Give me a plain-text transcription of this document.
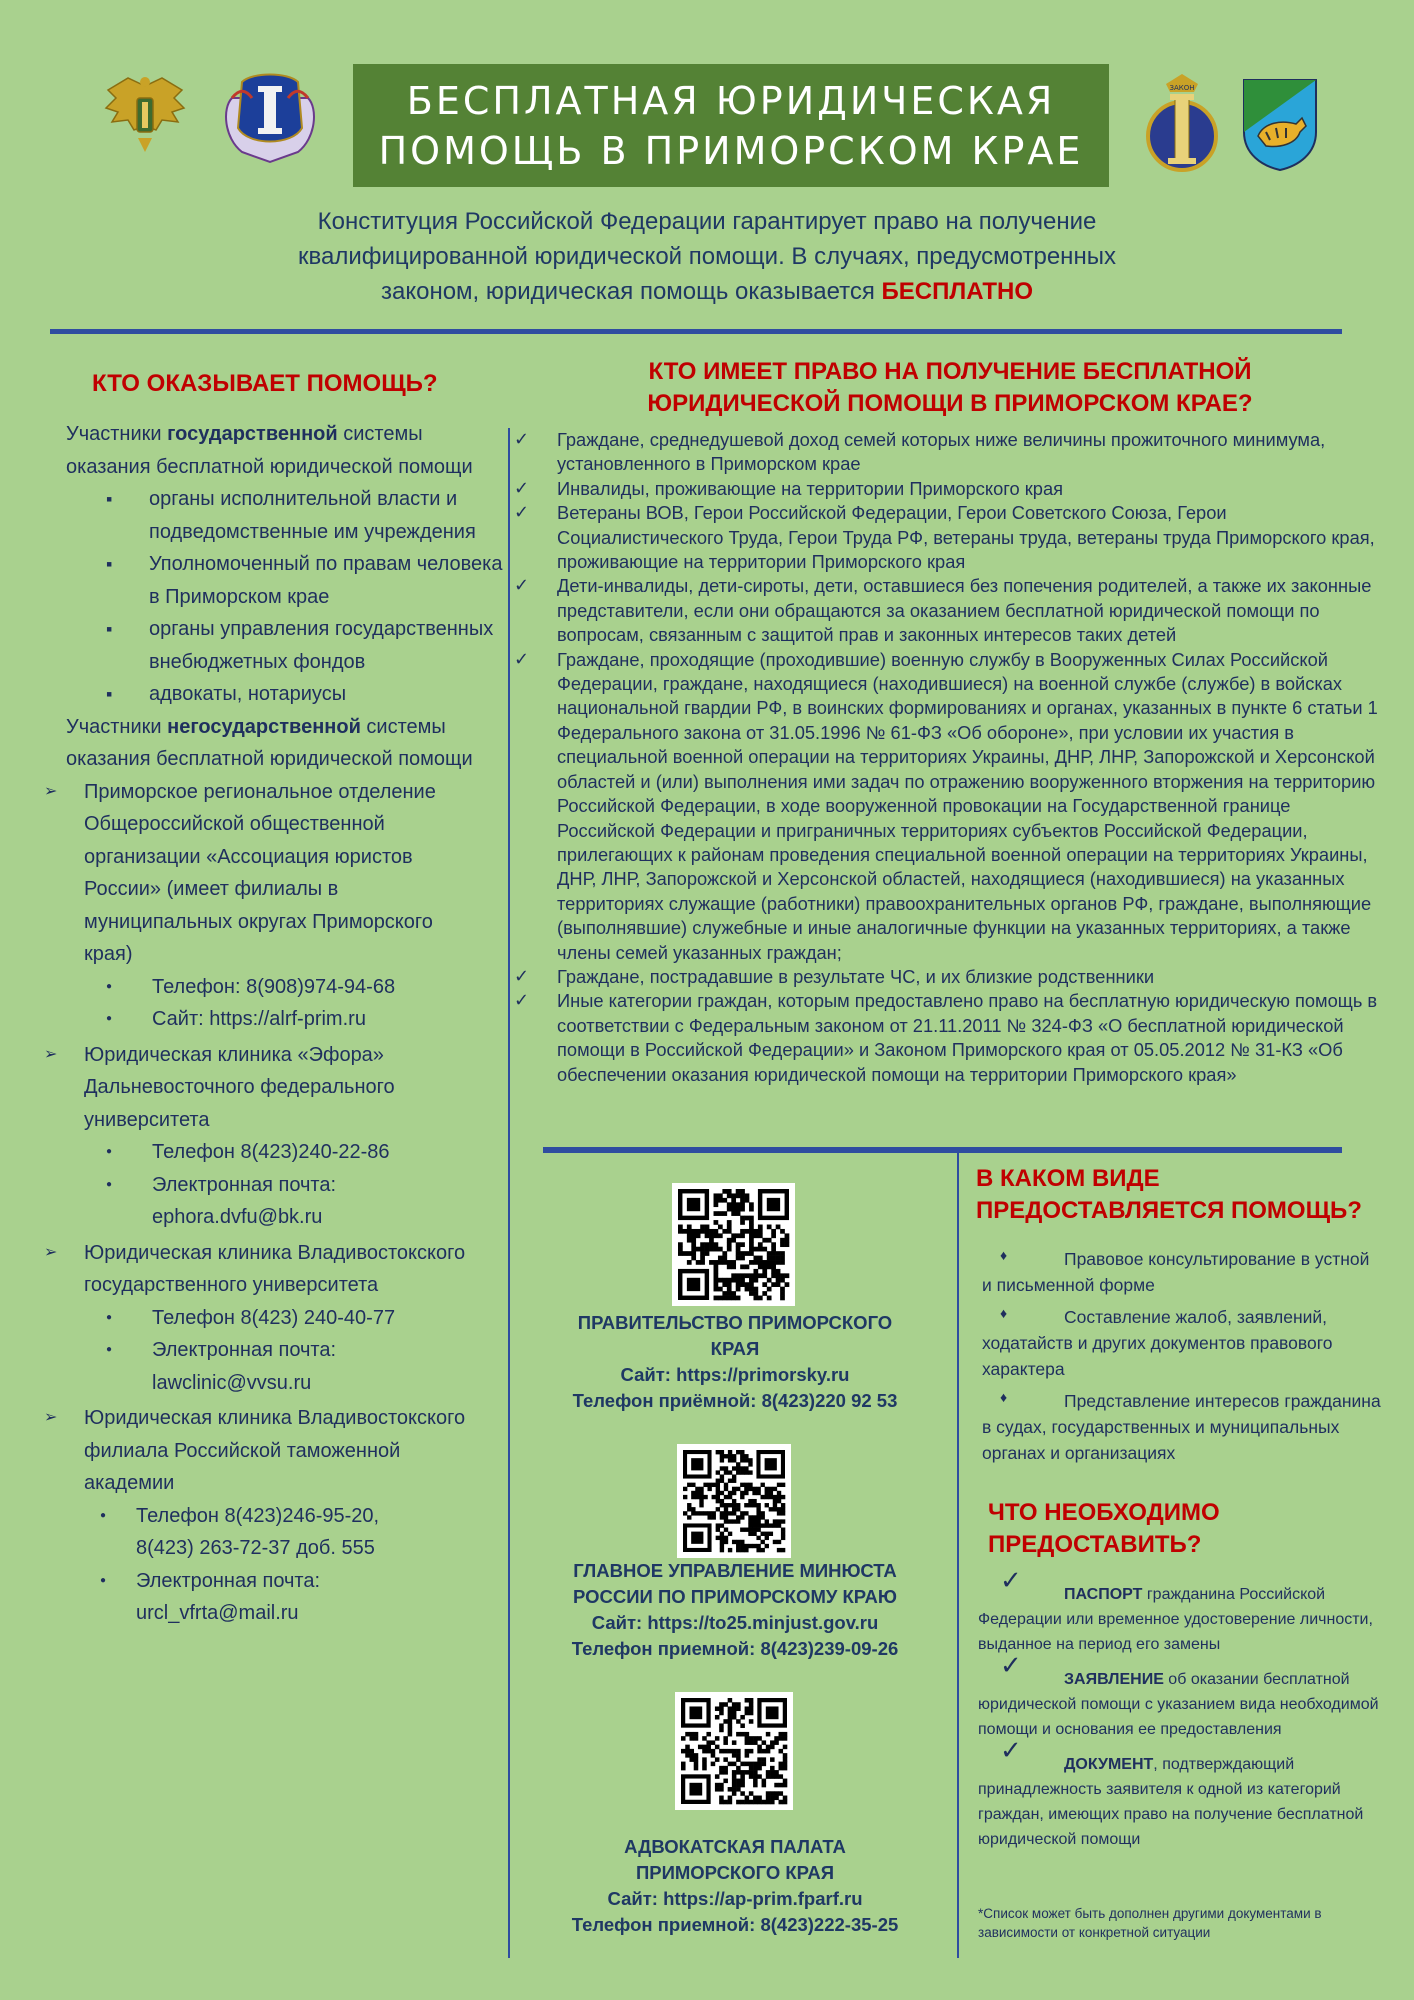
БЕСПЛАТНАЯ ЮРИДИЧЕСКАЯ
ПОМОЩЬ В ПРИМОРСКОМ КРАЕ
ЗАКОН
Конституция Российской Федерации гарантирует право на получение
квалифицированной юридической помощи. В случаях, предусмотренных
законом, юридическая помощь оказывается БЕСПЛАТНО
КТО ОКАЗЫВАЕТ ПОМОЩЬ?

Участники государственной системы оказания бесплатной юридической помощи

▪ органы исполнительной власти и подведомственные им учреждения
▪ Уполномоченный по правам человека в Приморском крае
▪ органы управления государственных внебюджетных фондов
▪ адвокаты, нотариусы

Участники негосударственной системы оказания бесплатной юридической помощи

➢	Приморское региональное отделение Общероссийской общественной организации «Ассоциация юристов России» (имеет филиалы в муниципальных округах Приморского края)
● Телефон: 8(908)974-94-68
● Сайт: https://alrf-prim.ru
➢	Юридическая клиника «Эфора» Дальневосточного федерального университета
● Телефон 8(423)240-22-86
● Электронная почта: ephora.dvfu@bk.ru
➢	Юридическая клиника Владивостокского государственного университета
● Телефон 8(423) 240-40-77
● Электронная почта: lawclinic@vvsu.ru
➢	Юридическая клиника Владивостокского филиала Российской таможенной академии
● Телефон 8(423)246-95-20, 8(423) 263-72-37 доб. 555
● Электронная почта: urcl_vfrta@mail.ru
КТО ИМЕЕТ ПРАВО НА ПОЛУЧЕНИЕ БЕСПЛАТНОЙ
ЮРИДИЧЕСКОЙ ПОМОЩИ В ПРИМОРСКОМ КРАЕ?
✓ Граждане, среднедушевой доход семей которых ниже величины прожиточного минимума, установленного в Приморском крае
✓ Инвалиды, проживающие на территории Приморского края
✓ Ветераны ВОВ, Герои Российской Федерации, Герои Советского Союза, Герои Социалистического Труда, Герои Труда РФ, ветераны труда, ветераны труда Приморского края, проживающие на территории Приморского края
✓ Дети-инвалиды, дети-сироты, дети, оставшиеся без попечения родителей, а также их законные представители, если они обращаются за оказанием бесплатной юридической помощи по вопросам, связанным с защитой прав и законных интересов таких детей
✓ Граждане, проходящие (проходившие) военную службу в Вооруженных Силах Российской Федерации, граждане, находящиеся (находившиеся) на военной службе (службе) в войсках национальной гвардии РФ, в воинских формированиях и органах, указанных в пункте 6 статьи 1 Федерального закона от 31.05.1996 № 61-ФЗ «Об обороне», при условии их участия в специальной военной операции на территориях Украины, ДНР, ЛНР, Запорожской и Херсонской областей и (или) выполнения ими задач по отражению вооруженного вторжения на территорию Российской Федерации, в ходе вооруженной провокации на Государственной границе Российской Федерации и приграничных территориях субъектов Российской Федерации, прилегающих к районам проведения специальной военной операции на территориях Украины, ДНР, ЛНР, Запорожской и Херсонской областей, находящиеся (находившиеся) на указанных территориях служащие (работники) правоохранительных органов РФ, граждане, выполняющие (выполнявшие) служебные и иные аналогичные функции на указанных территориях, а также члены семей указанных граждан;
✓ Граждане, пострадавшие в результате ЧС, и их близкие родственники
✓ Иные категории граждан, которым предоставлено право на бесплатную юридическую помощь в соответствии с Федеральным законом от 21.11.2011 № 324-ФЗ «О бесплатной юридической помощи в Российской Федерации» и Законом Приморского края от 05.05.2012 № 31-КЗ «Об обеспечении оказания юридической помощи на территории Приморского края»
ПРАВИТЕЛЬСТВО ПРИМОРСКОГО
КРАЯ
Сайт: https://primorsky.ru
Телефон приёмной: 8(423)220 92 53
ГЛАВНОЕ УПРАВЛЕНИЕ МИНЮСТА
РОССИИ ПО ПРИМОРСКОМУ КРАЮ
Сайт: https://to25.minjust.gov.ru
Телефон приемной: 8(423)239-09-26
АДВОКАТСКАЯ ПАЛАТА
ПРИМОРСКОГО КРАЯ
Сайт: https://ap-prim.fparf.ru
Телефон приемной: 8(423)222-35-25
В КАКОМ ВИДЕ
ПРЕДОСТАВЛЯЕТСЯ ПОМОЩЬ?
♦	Правовое консультирование в устной и письменной форме
♦	Составление жалоб, заявлений, ходатайств и других документов правового характера
♦	Представление интересов гражданина в судах, государственных и муниципальных органах и организациях
ЧТО НЕОБХОДИМО
ПРЕДОСТАВИТЬ?
✓	ПАСПОРТ гражданина Российской Федерации или временное удостоверение личности, выданное на период его замены
✓	ЗАЯВЛЕНИЕ об оказании бесплатной юридической помощи с указанием вида необходимой помощи и основания ее предоставления
✓	ДОКУМЕНТ, подтверждающий принадлежность заявителя к одной из категорий граждан, имеющих право на получение бесплатной юридической помощи
*Список может быть дополнен другими документами в зависимости от конкретной ситуации
